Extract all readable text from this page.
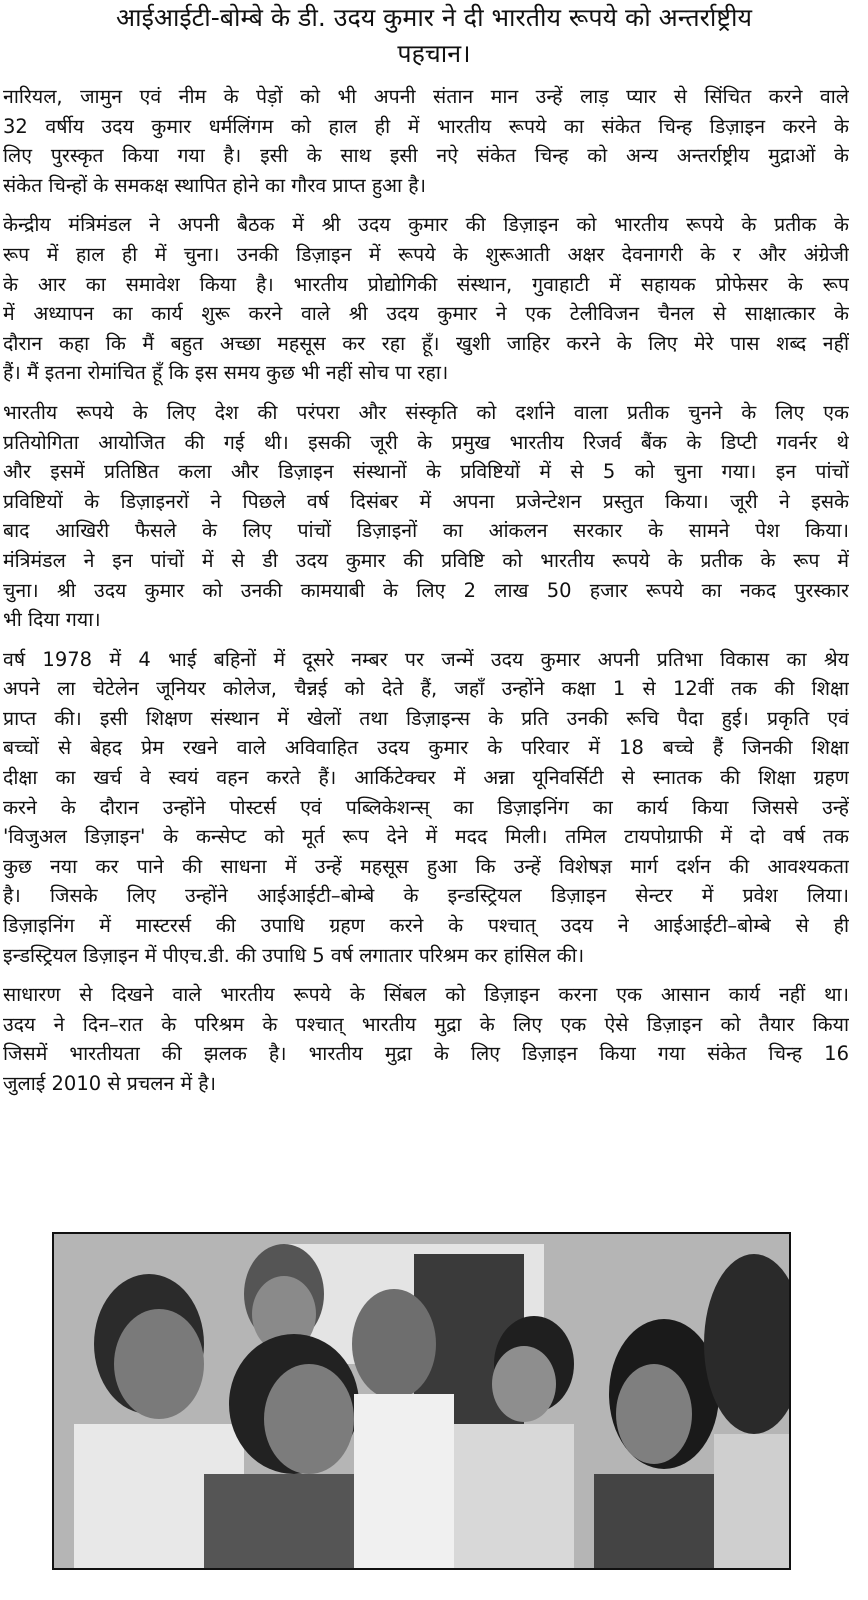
आईआईटी-बोम्बे के डी. उदय कुमार ने दी भारतीय रूपये को अन्तर्राष्ट्रीय
पहचान।
नारियल, जामुन एवं नीम के पेड़ों को भी अपनी संतान मान उन्हें लाड़ प्यार से सिंचित करने वाले
32 वर्षीय उदय कुमार धर्मलिंगम को हाल ही में भारतीय रूपये का संकेत चिन्ह डिज़ाइन करने के
लिए पुरस्कृत किया गया है। इसी के साथ इसी नऐ संकेत चिन्ह को अन्य अन्तर्राष्ट्रीय मुद्राओं के
संकेत चिन्हों के समकक्ष स्थापित होने का गौरव प्राप्त हुआ है।
केन्द्रीय मंत्रिमंडल ने अपनी बैठक में श्री उदय कुमार की डिज़ाइन को भारतीय रूपये के प्रतीक के
रूप में हाल ही में चुना। उनकी डिज़ाइन में रूपये के शुरूआती अक्षर देवनागरी के र और अंग्रेजी
के आर का समावेश किया है। भारतीय प्रोद्योगिकी संस्थान, गुवाहाटी में सहायक प्रोफेसर के रूप
में अध्यापन का कार्य शुरू करने वाले श्री उदय कुमार ने एक टेलीविजन चैनल से साक्षात्कार के
दौरान कहा कि मैं बहुत अच्छा महसूस कर रहा हूँ। खुशी जाहिर करने के लिए मेरे पास शब्द नहीं
हैं। मैं इतना रोमांचित हूँ कि इस समय कुछ भी नहीं सोच पा रहा।
भारतीय रूपये के लिए देश की परंपरा और संस्कृति को दर्शाने वाला प्रतीक चुनने के लिए एक
प्रतियोगिता आयोजित की गई थी। इसकी जूरी के प्रमुख भारतीय रिजर्व बैंक के डिप्टी गवर्नर थे
और इसमें प्रतिष्ठित कला और डिज़ाइन संस्थानों के प्रविष्टियों में से 5 को चुना गया। इन पांचों
प्रविष्टियों के डिज़ाइनरों ने पिछले वर्ष दिसंबर में अपना प्रजेन्टेशन प्रस्तुत किया। जूरी ने इसके
बाद आखिरी फैसले के लिए पांचों डिज़ाइनों का आंकलन सरकार के सामने पेश किया।
मंत्रिमंडल ने इन पांचों में से डी उदय कुमार की प्रविष्टि को भारतीय रूपये के प्रतीक के रूप में
चुना। श्री उदय कुमार को उनकी कामयाबी के लिए 2 लाख 50 हजार रूपये का नकद पुरस्कार
भी दिया गया।
वर्ष 1978 में 4 भाई बहिनों में दूसरे नम्बर पर जन्में उदय कुमार अपनी प्रतिभा विकास का श्रेय
अपने ला चेटेलेन जूनियर कोलेज, चैन्नई को देते हैं, जहाँ उन्होंने कक्षा 1 से 12वीं तक की शिक्षा
प्राप्त की। इसी शिक्षण संस्थान में खेलों तथा डिज़ाइन्स के प्रति उनकी रूचि पैदा हुई। प्रकृति एवं
बच्चों से बेहद प्रेम रखने वाले अविवाहित उदय कुमार के परिवार में 18 बच्चे हैं जिनकी शिक्षा
दीक्षा का खर्च वे स्वयं वहन करते हैं। आर्किटेक्चर में अन्ना यूनिवर्सिटी से स्नातक की शिक्षा ग्रहण
करने के दौरान उन्होंने पोस्टर्स एवं पब्लिकेशन्स् का डिज़ाइनिंग का कार्य किया जिससे उन्हें
'विजुअल डिज़ाइन' के कन्सेप्ट को मूर्त रूप देने में मदद मिली। तमिल टायपोग्राफी में दो वर्ष तक
कुछ नया कर पाने की साधना में उन्हें महसूस हुआ कि उन्हें विशेषज्ञ मार्ग दर्शन की आवश्यकता
है। जिसके लिए उन्होंने आईआईटी–बोम्बे के इन्डस्ट्रियल डिज़ाइन सेन्टर में प्रवेश लिया।
डिज़ाइनिंग में मास्टरर्स की उपाधि ग्रहण करने के पश्चात् उदय ने आईआईटी–बोम्बे से ही
इन्डस्ट्रियल डिज़ाइन में पीएच.डी. की उपाधि 5 वर्ष लगातार परिश्रम कर हांसिल की।
साधारण से दिखने वाले भारतीय रूपये के सिंबल को डिज़ाइन करना एक आसान कार्य नहीं था।
उदय ने दिन–रात के परिश्रम के पश्चात् भारतीय मुद्रा के लिए एक ऐसे डिज़ाइन को तैयार किया
जिसमें भारतीयता की झलक है। भारतीय मुद्रा के लिए डिज़ाइन किया गया संकेत चिन्ह 16
जुलाई 2010 से प्रचलन में है।
